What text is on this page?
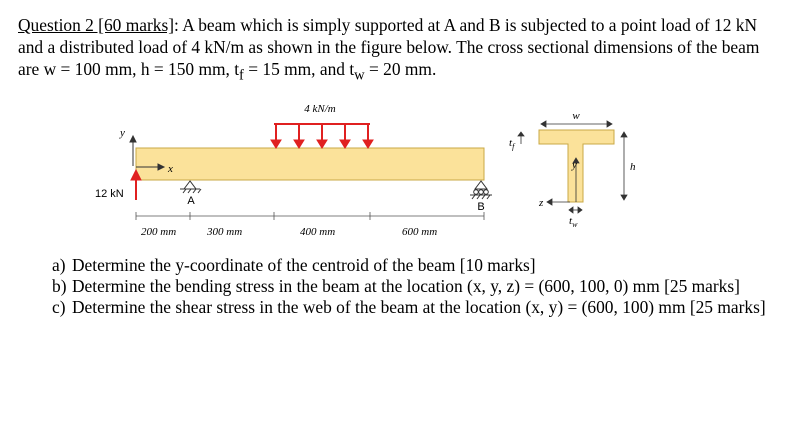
Question 2 [60 marks]: A beam which is simply supported at A and B is subjected to a point load of 12 kN and a distributed load of 4 kN/m as shown in the figure below. The cross sectional dimensions of the beam are w = 100 mm, h = 150 mm, $t_f = 15$ mm, and $t_w = 20$ mm.
4 kN/m
12 kN
y
x
A	B
200 mm	300 mm	400 mm	600 mm
w
h
y
z
$t_f$
$t_w$
a) Determine the y-coordinate of the centroid of the beam [10 marks]
b) Determine the bending stress in the beam at the location (x, y, z) = (600, 100, 0) mm [25 marks]
c) Determine the shear stress in the web of the beam at the location (x, y) = (600, 100) mm [25 marks]
